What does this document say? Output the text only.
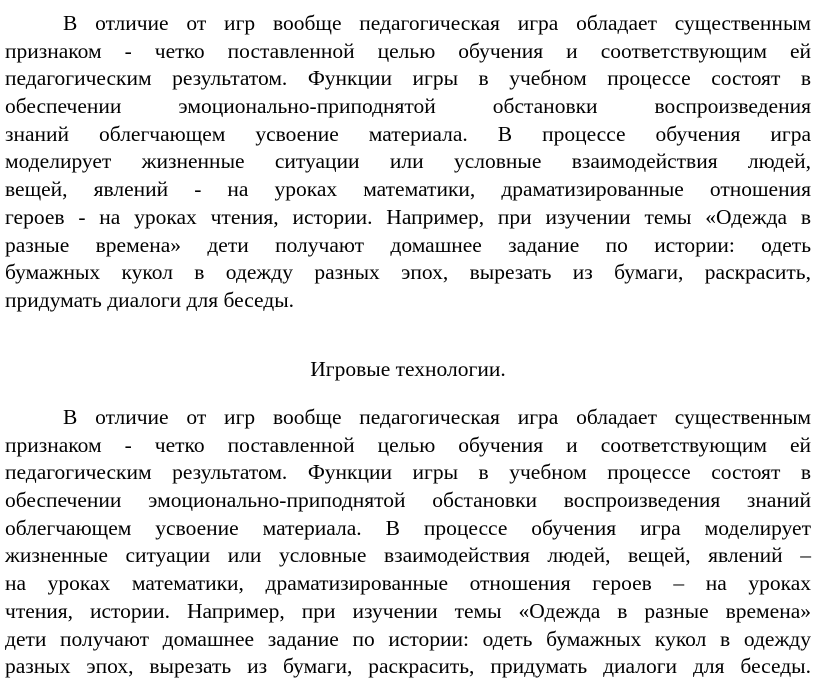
В отличие от игр вообще педагогическая игра обладает существенным
признаком - четко поставленной целью обучения и соответствующим ей
педагогическим результатом. Функции игры в учебном процессе состоят в
обеспечении эмоционально-приподнятой обстановки воспроизведения
знаний облегчающем усвоение материала. В процессе обучения игра
моделирует жизненные ситуации или условные взаимодействия людей,
вещей, явлений - на уроках математики, драматизированные отношения
героев - на уроках чтения, истории. Например, при изучении темы «Одежда в
разные времена» дети получают домашнее задание по истории: одеть
бумажных кукол в одежду разных эпох, вырезать из бумаги, раскрасить,
придумать диалоги для беседы.
Игровые технологии.
В отличие от игр вообще педагогическая игра обладает существенным
признаком - четко поставленной целью обучения и соответствующим ей
педагогическим результатом. Функции игры в учебном процессе состоят в
обеспечении эмоционально-приподнятой обстановки воспроизведения знаний
облегчающем усвоение материала. В процессе обучения игра моделирует
жизненные ситуации или условные взаимодействия людей, вещей, явлений –
на уроках математики, драматизированные отношения героев – на уроках
чтения, истории. Например, при изучении темы «Одежда в разные времена»
дети получают домашнее задание по истории: одеть бумажных кукол в одежду
разных эпох, вырезать из бумаги, раскрасить, придумать диалоги для беседы.
